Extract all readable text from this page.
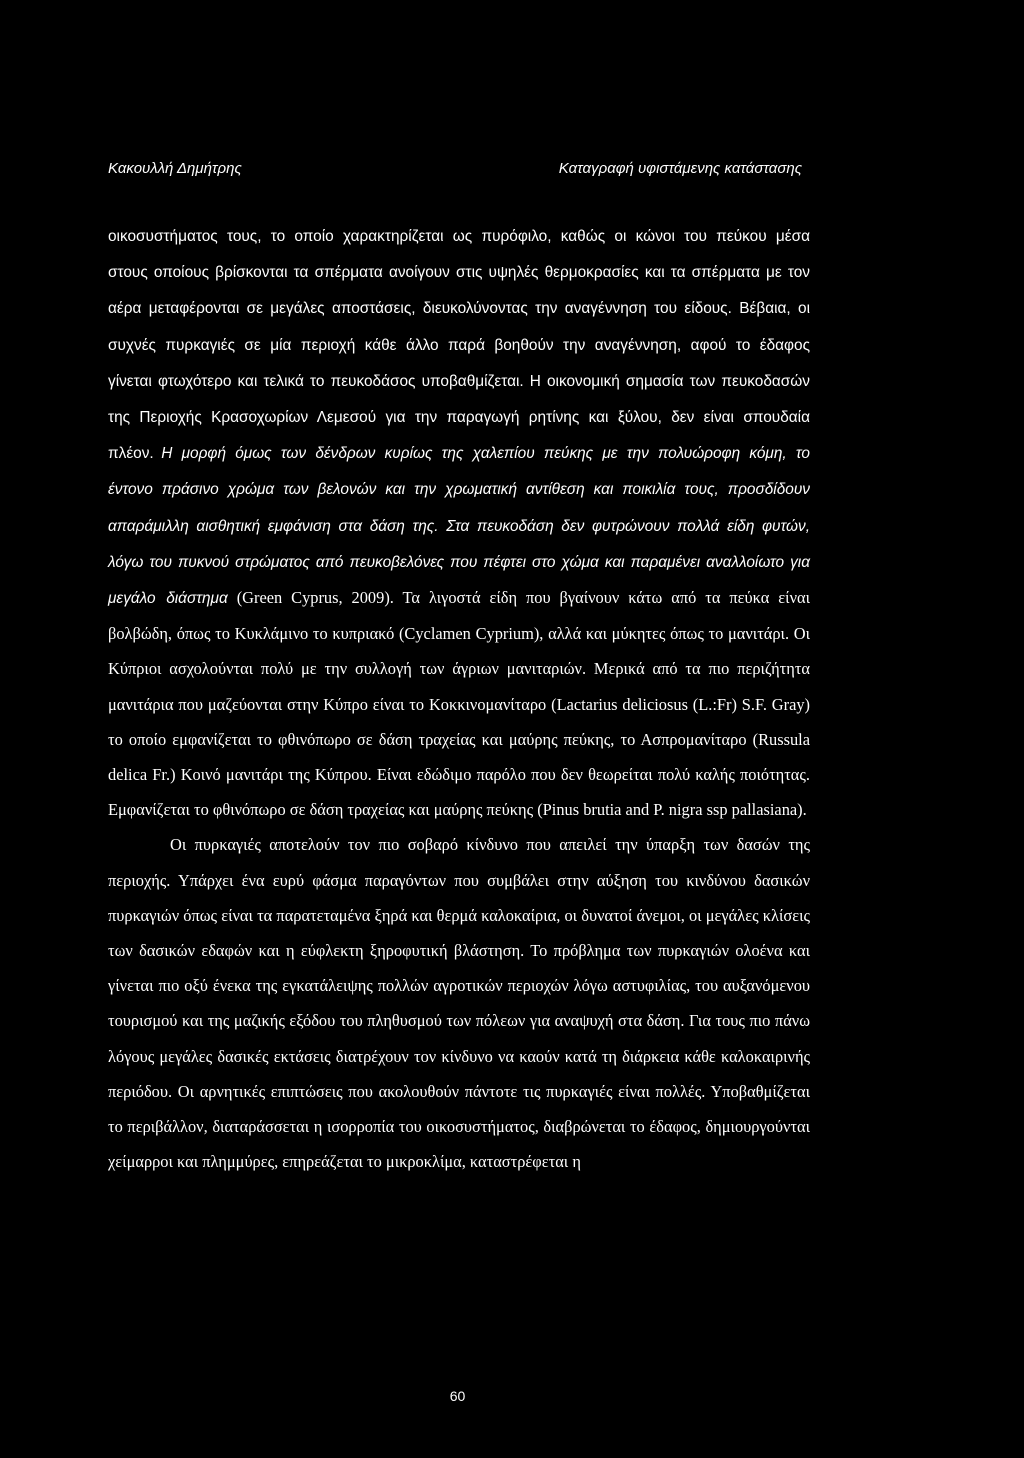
Κακουλλή Δημήτρης	Καταγραφή υφιστάμενης κατάστασης

οικοσυστήματος τους, το οποίο χαρακτηρίζεται ως πυρόφιλο, καθώς οι κώνοι του πεύκου μέσα στους οποίους βρίσκονται τα σπέρματα ανοίγουν στις υψηλές θερμοκρασίες και τα σπέρματα με τον αέρα μεταφέρονται σε μεγάλες αποστάσεις, διευκολύνοντας την αναγέννηση του είδους. Βέβαια, οι συχνές πυρκαγιές σε μία περιοχή κάθε άλλο παρά βοηθούν την αναγέννηση, αφού το έδαφος γίνεται φτωχότερο και τελικά το πευκοδάσος υποβαθμίζεται. Η οικονομική σημασία των πευκοδασών της Περιοχής Κρασοχωρίων Λεμεσού για την παραγωγή ρητίνης και ξύλου, δεν είναι σπουδαία πλέον. Η μορφή όμως των δένδρων κυρίως της χαλεπίου πεύκης με την πολυώροφη κόμη, το έντονο πράσινο χρώμα των βελονών και την χρωματική αντίθεση και ποικιλία τους, προσδίδουν απαράμιλλη αισθητική εμφάνιση στα δάση της. Στα πευκοδάση δεν φυτρώνουν πολλά είδη φυτών, λόγω του πυκνού στρώματος από πευκοβελόνες που πέφτει στο χώμα και παραμένει αναλλοίωτο για μεγάλο διάστημα (Green Cyprus, 2009). Τα λιγοστά είδη που βγαίνουν κάτω από τα πεύκα είναι βολβώδη, όπως το Κυκλάμινο το κυπριακό (Cyclamen Cyprium), αλλά και μύκητες όπως το μανιτάρι. Οι Κύπριοι ασχολούνται πολύ με την συλλογή των άγριων μανιταριών. Μερικά από τα πιο περιζήτητα μανιτάρια που μαζεύονται στην Κύπρο είναι το Κοκκινομανίταρο (Lactarius deliciosus (L.:Fr) S.F. Gray) το οποίο εμφανίζεται το φθινόπωρο σε δάση τραχείας και μαύρης πεύκης, το Ασπρομανίταρο (Russula delica Fr.) Κοινό μανιτάρι της Κύπρου. Είναι εδώδιμο παρόλο που δεν θεωρείται πολύ καλής ποιότητας. Εμφανίζεται το φθινόπωρο σε δάση τραχείας και μαύρης πεύκης (Pinus brutia and P. nigra ssp pallasiana).

Οι πυρκαγιές αποτελούν τον πιο σοβαρό κίνδυνο που απειλεί την ύπαρξη των δασών της περιοχής. Υπάρχει ένα ευρύ φάσμα παραγόντων που συμβάλει στην αύξηση του κινδύνου δασικών πυρκαγιών όπως είναι τα παρατεταμένα ξηρά και θερμά καλοκαίρια, οι δυνατοί άνεμοι, οι μεγάλες κλίσεις των δασικών εδαφών και η εύφλεκτη ξηροφυτική βλάστηση. Το πρόβλημα των πυρκαγιών ολοένα και γίνεται πιο οξύ ένεκα της εγκατάλειψης πολλών αγροτικών περιοχών λόγω αστυφιλίας, του αυξανόμενου τουρισμού και της μαζικής εξόδου του πληθυσμού των πόλεων για αναψυχή στα δάση. Για τους πιο πάνω λόγους μεγάλες δασικές εκτάσεις διατρέχουν τον κίνδυνο να καούν κατά τη διάρκεια κάθε καλοκαιρινής περιόδου. Οι αρνητικές επιπτώσεις που ακολουθούν πάντοτε τις πυρκαγιές είναι πολλές. Υποβαθμίζεται το περιβάλλον, διαταράσσεται η ισορροπία του οικοσυστήματος, διαβρώνεται το έδαφος, δημιουργούνται χείμαρροι και πλημμύρες, επηρεάζεται το μικροκλίμα, καταστρέφεται η

60
